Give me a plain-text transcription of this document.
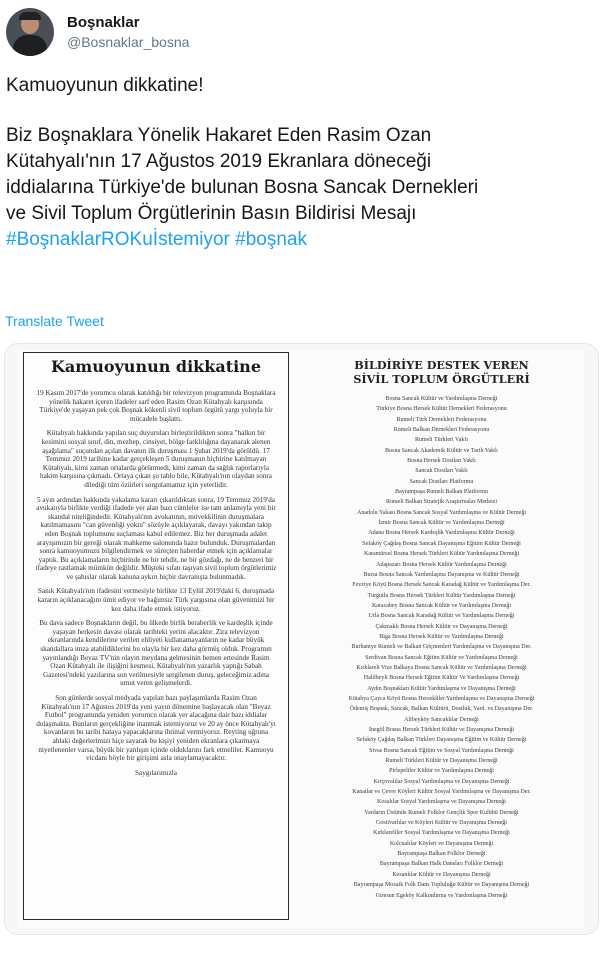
Boşnaklar
@Bosnaklar_bosna
Kamuoyunun dikkatine!
Biz Boşnaklara Yönelik Hakaret Eden Rasim Ozan
Kütahyalı'nın 17 Ağustos 2019 Ekranlara döneceği
iddialarına Türkiye'de bulunan Bosna Sancak Dernekleri
ve Sivil Toplum Örgütlerinin Basın Bildirisi Mesajı
#BoşnaklarROKuİstemiyor #boşnak
Translate Tweet
Kamuoyunun dikkatine

19 Kasım 2017'de yorumcu olarak katıldığı bir televizyon programında Boşnaklara yönelik hakaret içeren ifadeler sarf eden Rasim Ozan Kütahyalı karşısında Türkiye'de yaşayan pek çok Boşnak kökenli sivil toplum örgütü yargı yoluyla bir mücadele başlattı.

Kütahyalı hakkında yapılan suç duyuruları birleştirildikten sonra "halkın bir kesimini sosyal sınıf, din, mezhep, cinsiyet, bölge farklılığına dayanarak alenen aşağılama" suçundan açılan davanın ilk duruşması 1 Şubat 2019'da görüldü. 17 Temmuz 2019 tarihine kadar gerçekleşen 5 duruşmanın hiçbirine katılmayan Kütahyalı, kimi zaman ortalarda görünmedi, kimi zaman da sağlık raporlarıyla hakim karşısına çıkmadı. Ortaya çıkan şu tablo bile, Kütahyalı'nın olaydan sonra dilediği tüm özürleri sorgulamamız için yeterlidir.

5 ayın ardından hakkında yakalama kararı çıkarıldıktan sonra, 19 Temmuz 2019'da avukatıyla birlikte verdiği ifadede yer alan bazı cümleler ise tam anlamıyla yeni bir skandal niteliğindedir. Kütahyalı'nın avukatının, müvekkilinin duruşmalara katılmamasını "can güvenliği yoktu" sözüyle açıklayarak, davayı yakından takip eden Boşnak toplumunu suçlaması kabul edilemez. Biz her duruşmada adalet arayışımızın bir gereği olarak mahkeme salonunda hazır bulunduk. Duruşmalardan sonra kamuoyumuzu bilgilendirmek ve süreçten haberdar etmek için açıklamalar yaptık. Bu açıklamaların hiçbirinde ne bir tehdit, ne bir gözdağı, ne de benzeri bir ifadeye rastlamak mümkün değildir. Müşteki sıfatı taşıyan sivil toplum örgütlerimiz ve şahıslar olarak kanuna aykırı hiçbir davranışta bulunmadık.

Sanık Kütahyalı'nın ifadesini vermesiyle birlikte 13 Eylül 2019'daki 6. duruşmada kararın açıklanacağını ümit ediyor ve bağımsız Türk yargısına olan güvenimizi bir kez daha ifade etmek istiyoruz.

Bu dava sadece Boşnakların değil, bu ülkede birlik beraberlik ve kardeşlik içinde yaşayan herkesin davası olarak tarihteki yerini alacaktır. Zira televizyon ekranlarında kendilerine verilen ehliyeti kullanamayanların ne kadar büyük skandallara imza atabildiklerini bu olayla bir kez daha görmüş olduk. Programın yayınlandığı Beyaz TV'nin olayın meydana gelmesinin hemen ertesinde Rasim Ozan Kütahyalı ile ilişiğini kesmesi, Kütahyalı'nın yazarlık yaptığı Sabah Gazetesi'ndeki yazılarına son verilmesiyle sergilenen duruş, geleceğimiz adına umut veren gelişmelerdi.

Son günlerde sosyal medyada yapılan bazı paylaşımlarda Rasim Ozan Kütahyalı'nın 17 Ağustos 2019'da yeni yayın dönemine başlayacak olan "Beyaz Futbol" programında yeniden yorumcu olarak yer alacağına dair bazı iddialar dolaşmakta. Bunların gerçekliğine inanmak istemiyoruz ve 20 ay önce Kütahyalı'yı kovanların bu tarihi hataya yapacaklarına ihtimal vermiyoruz. Reyting uğruna ahlaki değerlerimizi hiçe sayarak bu kişiyi yeniden ekranlara çıkarmaya niyetlenenler varsa, büyük bir yanlışın içinde olduklarını fark etmeliler. Kamuoyu vicdanı böyle bir girişimi asla onaylamayacaktır.

Saygılarımızla

BİLDİRİYE DESTEK VEREN
SİVİL TOPLUM ÖRGÜTLERİ
Bosna Sancak Kültür ve Yardımlaşma Derneği
Türkiye Bosna Hersek Kültür Dernekleri Federasyonu
Rumeli Türk Dernekleri Federasyonu
Rumeli Balkan Dernekleri Federasyonu
Rumeli Türkleri Vakfı
Bosna Sancak Akademik Kültür ve Tarih Vakfı
Bosna Hersek Dostları Vakfı
Sancak Dostları Vakfı
Sancak Dostları Platformu
Bayrampaşa Rumeli Balkan Platformu
Rumeli Balkan Stratejik Araştırmalar Merkezi
Anadolu Yakası Bosna Sancak Sosyal Yardımlaşma ve Kültür Derneği
İzmir Bosna Sancak Kültür ve Yardımlaşma Derneği
Adana Bosna Hersek Kardeşlik Yardımlaşma Kültür Derneği
Sefaköy Çağdaş Bosna Sancak Dayanışma Eğitim Kültür Derneği
Karamürsel Bosna Hersek Türkleri Kültür Yardımlaşma Derneği
Adapazarı Bosna Hersek Kültür Yardımlaşma Derneği
Bursa Bosna Sancak Yardımlaşma Dayanışma ve Kültür Derneği
Fevziye Köyü Bosna Hersek Sancak Karadağ Kültür ve Yardımlaşma Der.
Turgutlu Bosna Hersek Türkleri Kültür Yardımlaşma Derneği
Karacabey Bosna Sancak Kültür ve Yardımlaşma Derneği
Urla Bosna Sancak Karadağ Kültür ve Yardımlaşma Derneği
Çakmaklı Bosna Hersek Kültür ve Dayanışma Derneği
Biga Bosna Hersek Kültür ve Yardımlaşma Derneği
Burhaniye Rumeli ve Balkan Göçmenleri Yardımlaşma ve Dayanışma Der.
Serdivan Bosna Sancak Eğitim Kültür ve Yardımlaşma Derneği
Kırklareli Vize Balkaya Bosna Sancak Kültür ve Yardımlaşma Derneği
Halilbeyli Bosna Hersek Eğitim Kültür Ve Yardımlaşma Derneği
Aydın Boşnakları Kültür Yardımlaşma ve Dayanışma Derneği
Kütahya Çayca Köyü Bosna Hersekliler Yardımlaşma ve Dayanışma Derneği
Ödemiş Boşnak, Sancak, Balkan Kültürü, Dostluk, Yard. ve Dayanışma Der.
Alibeyköy Sancaklılar Derneği
İnegöl Bosna Hersek Türkleri Kültür ve Dayanışma Derneği
Sefaköy Çağdaş Balkan Türkleri Dayanışma Eğitim ve Kültür Derneği
Sivas Bosna Sancak Eğitim ve Sosyal Yardımlaşma Derneği
Rumeli Türkleri Kültür ve Dayanışma Derneği
Pirlepeliler Kültür ve Yardımlaşma Derneği
Kırçovalılar Sosyal Yardımlaşma ve Dayanışma Derneği
Kanatlar ve Çevre Köyleri Kültür Sosyal Yardımlaşma ve Dayanışma Der.
Kosalılar Sosyal Yardımlaşma ve Dayanışma Derneği
Vardarın Üstünde Rumeli Folklor Gençlik Spor Kulübü Derneği
Gostivarlılar ve Köyleri Kültür ve Dayanışma Derneği
Kırklareliler Sosyal Yardımlaşma ve Dayanışma Derneği
Kolcualılar Köyleri ve Dayanışma Derneği
Bayrampaşa Balkan Folklor Derneği
Bayrampaşa Balkan Halk Dansları Folklor Derneği
Kesanlılar Kültür ve Dayanışma Derneği
Bayrampaşa Mozaik Folk Dans Topluluğu Kültür ve Dayanışma Derneği
Giresun Egeköy Kalkındırma ve Yardımlaşma Derneği
